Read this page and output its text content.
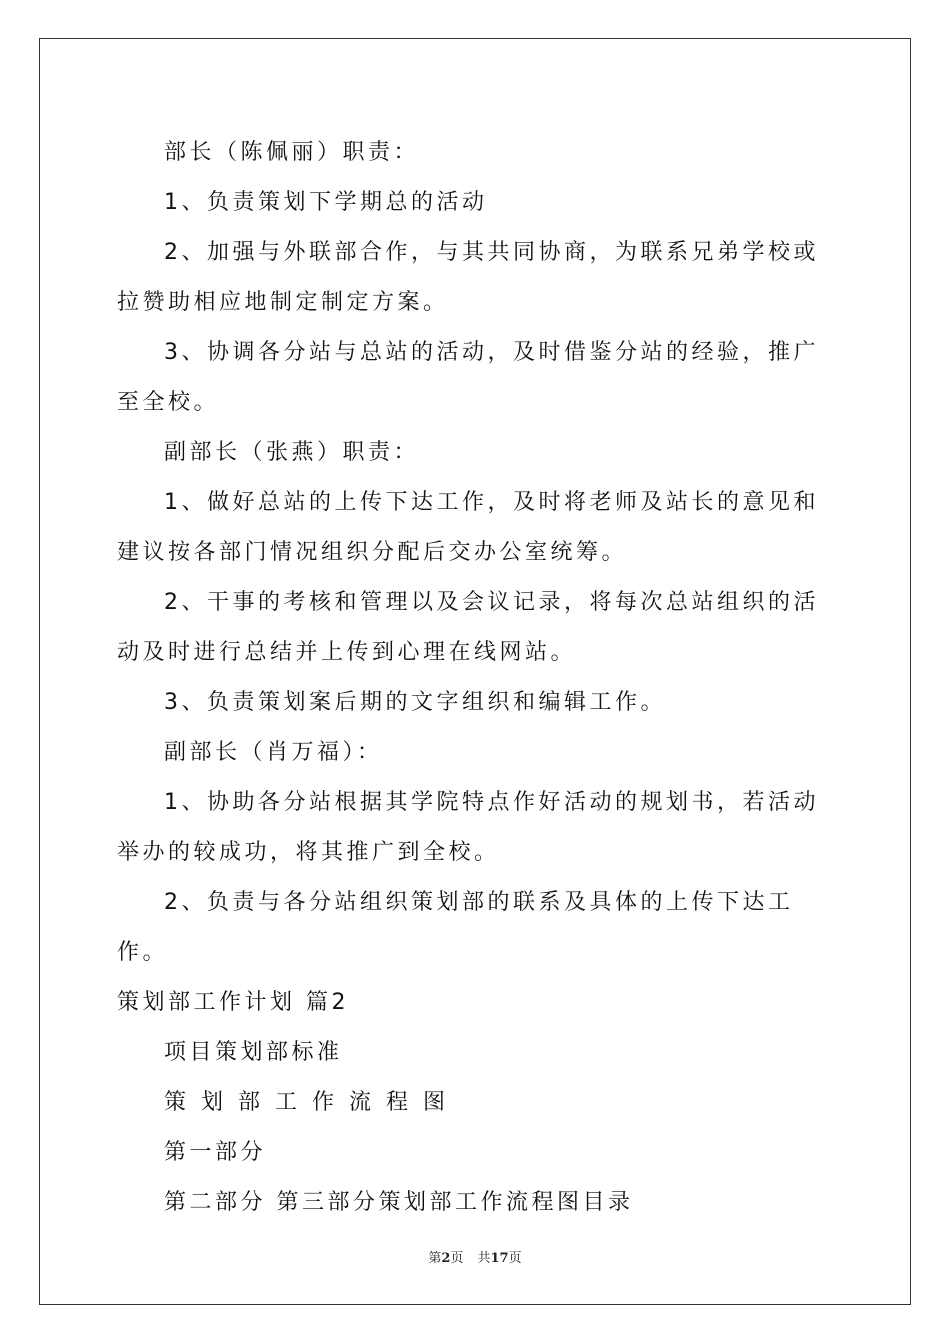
部长（陈佩丽）职责：

1、负责策划下学期总的活动

2、加强与外联部合作，与其共同协商，为联系兄弟学校或拉赞助相应地制定制定方案。

3、协调各分站与总站的活动，及时借鉴分站的经验，推广至全校。

副部长（张燕）职责：

1、做好总站的上传下达工作，及时将老师及站长的意见和建议按各部门情况组织分配后交办公室统筹。

2、干事的考核和管理以及会议记录，将每次总站组织的活动及时进行总结并上传到心理在线网站。

3、负责策划案后期的文字组织和编辑工作。

副部长（肖万福）：

1、协助各分站根据其学院特点作好活动的规划书，若活动举办的较成功，将其推广到全校。

2、负责与各分站组织策划部的联系及具体的上传下达工作。

策划部工作计划 篇2

项目策划部标准

策划部工作流程图

第一部分

第二部分 第三部分策划部工作流程图目录

第2页 共17页
